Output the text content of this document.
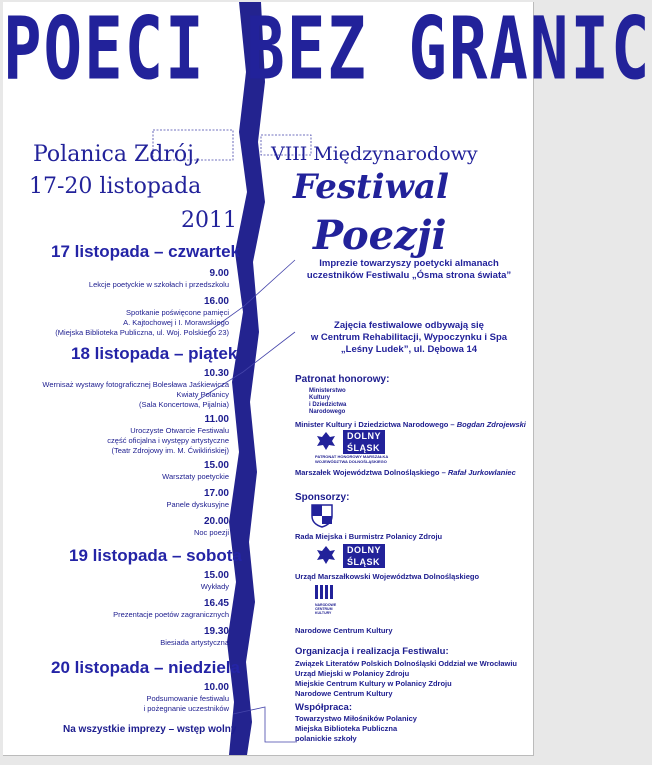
POECI BEZ GRANIC
Polanica Zdrój,
17-20 listopada
2011
VIII Międzynarodowy
Festiwal
Poezji
17 listopada – czwartek
9.00
Lekcje poetyckie w szkołach i przedszkolu
16.00
Spotkanie poświęcone pamięci
A. Kajtochowej i I. Morawskiego
(Miejska Biblioteka Publiczna, ul. Woj. Polskiego 23)
18 listopada – piątek
10.30
Wernisaż wystawy fotograficznej Bolesława Jaśkiewicza
Kwiaty Polanicy
(Sala Koncertowa, Pijalnia)
11.00
Uroczyste Otwarcie Festiwalu
część oficjalna i występy artystyczne
(Teatr Zdrojowy im. M. Ćwiklińskiej)
15.00
Warsztaty poetyckie
17.00
Panele dyskusyjne
20.00
Noc poezji
19 listopada – sobota
15.00
Wykłady
16.45
Prezentacje poetów zagranicznych
19.30
Biesiada artystyczna
20 listopada – niedziela
10.00
Podsumowanie festiwalu
i pożegnanie uczestników
Na wszystkie imprezy – wstęp wolny
Imprezie towarzyszy poetycki almanach
uczestników Festiwalu „Ósma strona świata”
Zajęcia festiwalowe odbywają się
w Centrum Rehabilitacji, Wypoczynku i Spa
„Leśny Ludek”, ul. Dębowa 14
Patronat honorowy:
Ministerstwo
Kultury
i Dziedzictwa
Narodowego
Minister Kultury i Dziedzictwa Narodowego – Bogdan Zdrojewski
DOLNY
ŚLĄSK
PATRONAT HONOROWY MARSZAŁKA
WOJEWÓDZTWA DOLNOŚLĄSKIEGO
Marszałek Województwa Dolnośląskiego – Rafał Jurkowlaniec
Sponsorzy:
Rada Miejska i Burmistrz Polanicy Zdroju
DOLNY
ŚLĄSK
Urząd Marszałkowski Województwa Dolnośląskiego
NARODOWE
CENTRUM
KULTURY
Narodowe Centrum Kultury
Organizacja i realizacja Festiwalu:
Związek Literatów Polskich Dolnośląski Oddział we Wrocławiu
Urząd Miejski w Polanicy Zdroju
Miejskie Centrum Kultury w Polanicy Zdroju
Narodowe Centrum Kultury
Współpraca:
Towarzystwo Miłośników Polanicy
Miejska Biblioteka Publiczna
polanickie szkoły
